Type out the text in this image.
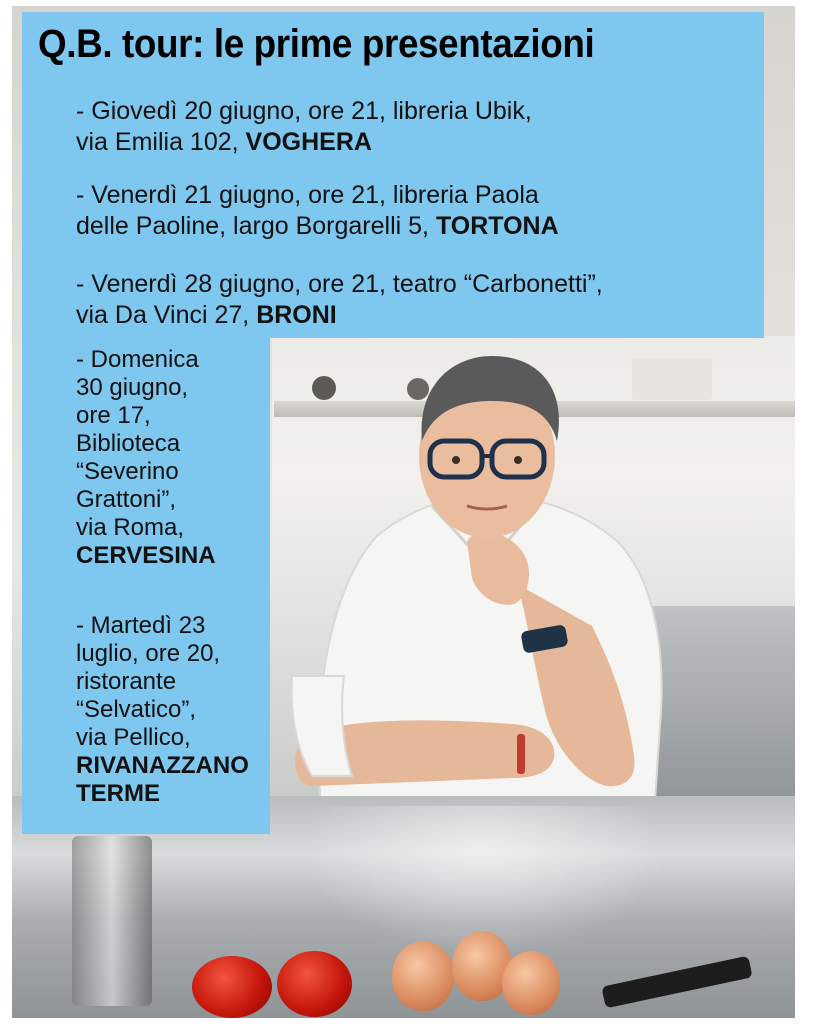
Q.B. tour: le prime presentazioni
- Giovedì 20 giugno, ore 21, libreria Ubik,
via Emilia 102, VOGHERA
- Venerdì 21 giugno, ore 21, libreria Paola
delle Paoline, largo Borgarelli 5, TORTONA
- Venerdì 28 giugno, ore 21, teatro “Carbonetti”,
via Da Vinci 27, BRONI
- Domenica
30 giugno,
ore 17,
Biblioteca
“Severino
Grattoni”,
via Roma,
CERVESINA
- Martedì 23
luglio, ore 20,
ristorante
“Selvatico”,
via Pellico,
RIVANAZZANO
TERME
